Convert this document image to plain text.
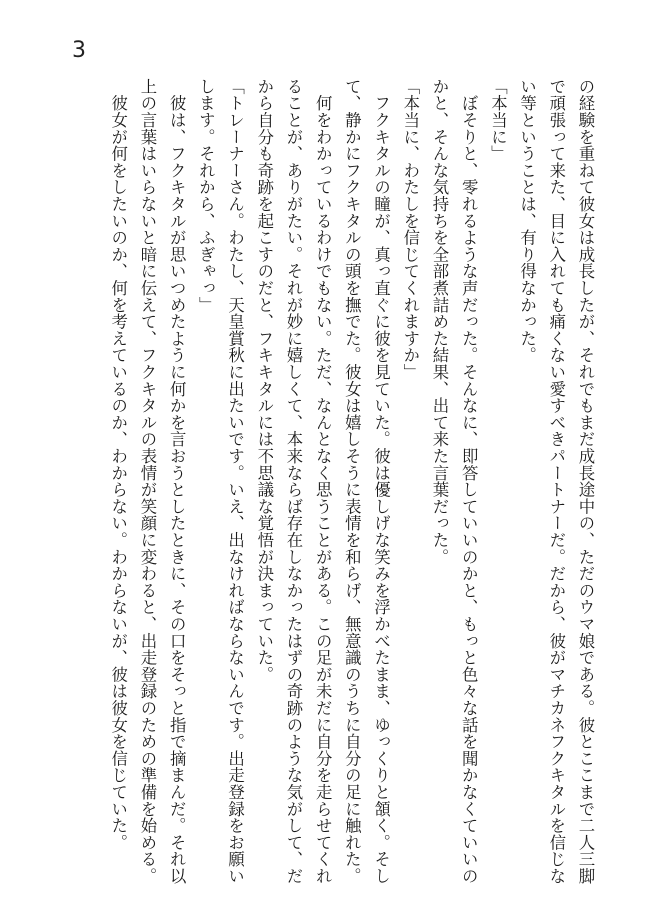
3

の経験を重ねて彼女は成長したが、それでもまだ成長途中の、ただのウマ娘である。彼とここまで二人三脚

で頑張って来た、目に入れても痛くない愛すべきパートナーだ。だから、彼がマチカネフクキタルを信じな

い等ということは、有り得なかった。

「本当に」

　ぼそりと、零れるような声だった。そんなに、即答していいのかと、もっと色々な話を聞かなくていいの

かと、そんな気持ちを全部煮詰めた結果、出て来た言葉だった。

「本当に、わたしを信じてくれますか」

　フクキタルの瞳が、真っ直ぐに彼を見ていた。彼は優しげな笑みを浮かべたまま、ゆっくりと頷く。そし

て、静かにフクキタルの頭を撫でた。彼女は嬉しそうに表情を和らげ、無意識のうちに自分の足に触れた。

　何をわかっているわけでもない。ただ、なんとなく思うことがある。この足が未だに自分を走らせてくれ

ることが、ありがたい。それが妙に嬉しくて、本来ならば存在しなかったはずの奇跡のような気がして、だ

から自分も奇跡を起こすのだと、フキキタルには不思議な覚悟が決まっていた。

「トレーナーさん。わたし、天皇賞秋に出たいです。いえ、出なければならないんです。出走登録をお願い

します。それから、ふぎゃっ」

　彼は、フクキタルが思いつめたように何かを言おうとしたときに、その口をそっと指で摘まんだ。それ以

上の言葉はいらないと暗に伝えて、フクキタルの表情が笑顔に変わると、出走登録のための準備を始める。

　彼女が何をしたいのか、何を考えているのか、わからない。わからないが、彼は彼女を信じていた。
